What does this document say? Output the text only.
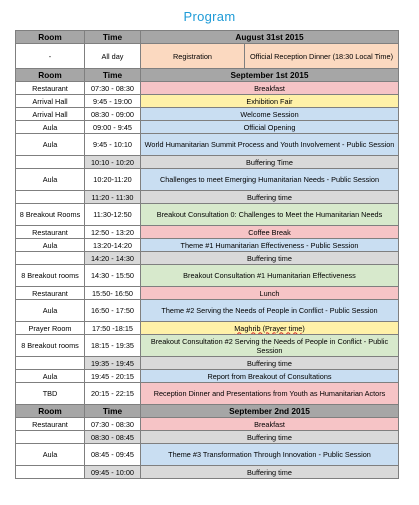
Program
Room	Time	August 31st 2015	
-	All day	Registration	Official Reception Dinner (18:30 Local Time)
Room	Time	September 1st 2015	
Restaurant	07:30 - 08:30	Breakfast	
Arrival Hall	9:45 - 19:00	Exhibition Fair	
Arrival Hall	08:30 - 09:00	Welcome Session	
Aula	09:00 - 9:45	Official Opening	
Aula	9:45 - 10:10	World Humanitarian Summit Process and Youth Involvement - Public Session	
	10:10 - 10:20	Buffering Time	
Aula	10:20-11:20	Challenges to meet Emerging Humanitarian Needs - Public Session	
	11:20 - 11:30	Buffering time	
8 Breakout Rooms	11:30-12:50	Breakout Consultation 0: Challenges to Meet the Humanitarian Needs	
Restaurant	12:50 - 13:20	Coffee Break	
Aula	13:20-14:20	Theme #1 Humanitarian Effectiveness - Public Session	
	14:20 - 14:30	Buffering time	
8 Breakout rooms	14:30 - 15:50	Breakout Consultation #1 Humanitarian Effectiveness	
Restaurant	15:50- 16:50	Lunch	
Aula	16:50 - 17:50	Theme #2 Serving the Needs of People in Conflict - Public Session	
Prayer Room	17:50 -18:15	Maghrib (Prayer time)	
8 Breakout rooms	18:15 - 19:35	Breakout Consultation #2 Serving the Needs of People in Conflict - Public Session	
	19:35 - 19:45	Buffering time	
Aula	19:45 - 20:15	Report from Breakout of Consultations	
TBD	20:15 - 22:15	Reception Dinner and Presentations from Youth as Humanitarian Actors	
Room	Time	September 2nd 2015	
Restaurant	07:30 - 08:30	Breakfast	
	08:30 - 08:45	Buffering time	
Aula	08:45 - 09:45	Theme #3 Transformation Through Innovation - Public Session	
	09:45 - 10:00	Buffering time	
